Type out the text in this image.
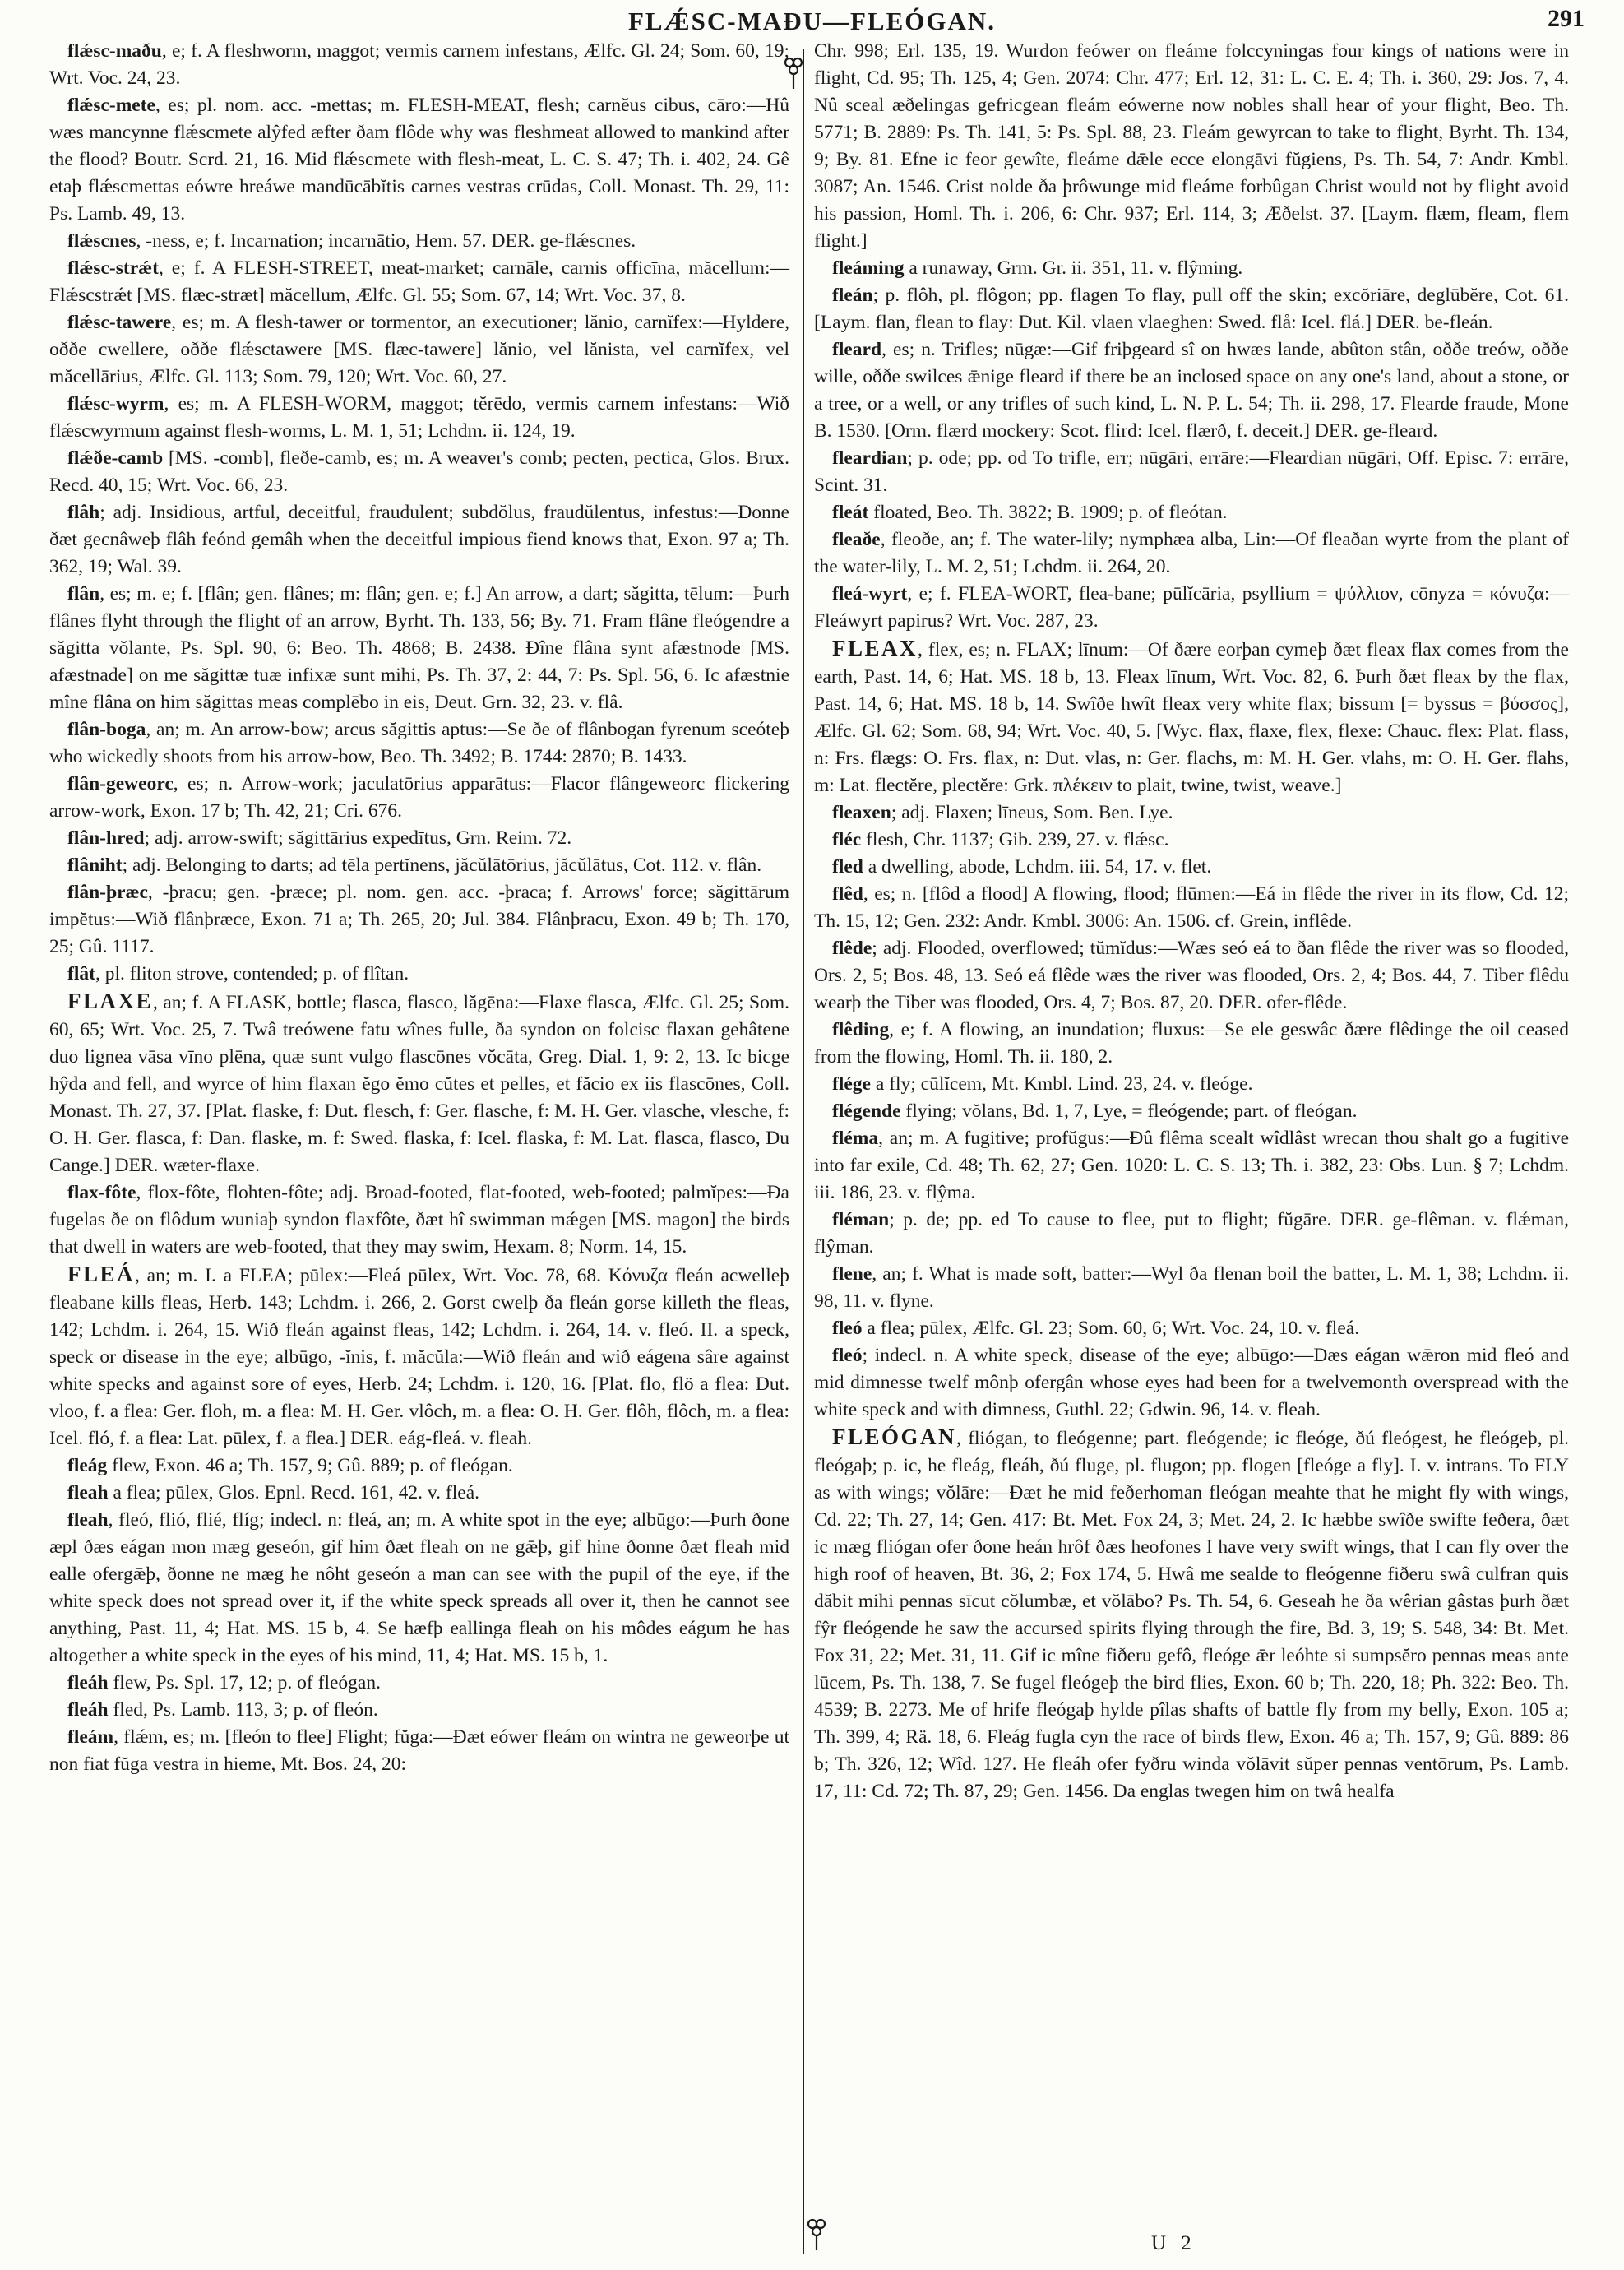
FLǼSC-MAÐU—FLEÓGAN.	291

flǽsc-maðu, e; f. A fleshworm, maggot; vermis carnem infestans, Ælfc. Gl. 24; Som. 60, 19; Wrt. Voc. 24, 23.

flǽsc-mete, es; pl. nom. acc. -mettas; m. FLESH-MEAT, flesh; carnĕus cibus, cāro:—Hû wæs mancynne flǽscmete alŷfed æfter ðam flôde why was fleshmeat allowed to mankind after the flood? Boutr. Scrd. 21, 16. Mid flǽscmete with flesh-meat, L. C. S. 47; Th. i. 402, 24. Gê etaþ flǽscmettas eówre hreáwe mandūcābĭtis carnes vestras crūdas, Coll. Monast. Th. 29, 11: Ps. Lamb. 49, 13.

flǽscnes, -ness, e; f. Incarnation; incarnātio, Hem. 57. DER. ge-flǽscnes.

flǽsc-strǽt, e; f. A FLESH-STREET, meat-market; carnāle, carnis officīna, măcellum:—Flǽscstrǽt [MS. flæc-stræt] măcellum, Ælfc. Gl. 55; Som. 67, 14; Wrt. Voc. 37, 8.

flǽsc-tawere, es; m. A flesh-tawer or tormentor, an executioner; lănio, carnĭfex:—Hyldere, oððe cwellere, oððe flǽsctawere [MS. flæc-tawere] lănio, vel lănista, vel carnĭfex, vel măcellārius, Ælfc. Gl. 113; Som. 79, 120; Wrt. Voc. 60, 27.

flǽsc-wyrm, es; m. A FLESH-WORM, maggot; tĕrēdo, vermis carnem infestans:—Wið flǽscwyrmum against flesh-worms, L. M. 1, 51; Lchdm. ii. 124, 19.

flǽðe-camb [MS. -comb], fleðe-camb, es; m. A weaver's comb; pecten, pectica, Glos. Brux. Recd. 40, 15; Wrt. Voc. 66, 23.

flâh; adj. Insidious, artful, deceitful, fraudulent; subdŏlus, fraudŭlentus, infestus:—Ðonne ðæt gecnâweþ flâh feónd gemâh when the deceitful impious fiend knows that, Exon. 97 a; Th. 362, 19; Wal. 39.

flân, es; m. e; f. [flân; gen. flânes; m: flân; gen. e; f.] An arrow, a dart; săgitta, tēlum:—Þurh flânes flyht through the flight of an arrow, Byrht. Th. 133, 56; By. 71. Fram flâne fleógendre a săgitta vŏlante, Ps. Spl. 90, 6: Beo. Th. 4868; B. 2438. Ðîne flâna synt afæstnode [MS. afæstnade] on me săgittæ tuæ infixæ sunt mihi, Ps. Th. 37, 2: 44, 7: Ps. Spl. 56, 6. Ic afæstnie mîne flâna on him săgittas meas complēbo in eis, Deut. Grn. 32, 23. v. flâ.

flân-boga, an; m. An arrow-bow; arcus săgittis aptus:—Se ðe of flânbogan fyrenum sceóteþ who wickedly shoots from his arrow-bow, Beo. Th. 3492; B. 1744: 2870; B. 1433.

flân-geweorc, es; n. Arrow-work; jaculatōrius apparātus:—Flacor flângeweorc flickering arrow-work, Exon. 17 b; Th. 42, 21; Cri. 676.

flân-hred; adj. arrow-swift; săgittārius expedītus, Grn. Reim. 72.

flâniht; adj. Belonging to darts; ad tēla pertĭnens, jăcŭlātōrius, jăcŭlātus, Cot. 112. v. flân.

flân-þræc, -þracu; gen. -þræce; pl. nom. gen. acc. -þraca; f. Arrows' force; săgittārum impĕtus:—Wið flânþræce, Exon. 71 a; Th. 265, 20; Jul. 384. Flânþracu, Exon. 49 b; Th. 170, 25; Gû. 1117.

flât, pl. fliton strove, contended; p. of flîtan.

FLAXE, an; f. A FLASK, bottle; flasca, flasco, lăgēna:—Flaxe flasca, Ælfc. Gl. 25; Som. 60, 65; Wrt. Voc. 25, 7. Twâ treówene fatu wînes fulle, ða syndon on folcisc flaxan gehâtene duo lignea vāsa vīno plēna, quæ sunt vulgo flascōnes vŏcāta, Greg. Dial. 1, 9: 2, 13. Ic bicge hŷda and fell, and wyrce of him flaxan ĕgo ĕmo cŭtes et pelles, et făcio ex iis flascōnes, Coll. Monast. Th. 27, 37. [Plat. flaske, f: Dut. flesch, f: Ger. flasche, f: M. H. Ger. vlasche, vlesche, f: O. H. Ger. flasca, f: Dan. flaske, m. f: Swed. flaska, f: Icel. flaska, f: M. Lat. flasca, flasco, Du Cange.] DER. wæter-flaxe.

flax-fôte, flox-fôte, flohten-fôte; adj. Broad-footed, flat-footed, web-footed; palmĭpes:—Ða fugelas ðe on flôdum wuniaþ syndon flaxfôte, ðæt hî swimman mǽgen [MS. magon] the birds that dwell in waters are web-footed, that they may swim, Hexam. 8; Norm. 14, 15.

FLEÁ, an; m. I. a FLEA; pūlex:—Fleá pūlex, Wrt. Voc. 78, 68. Κόνυζα fleán acwelleþ fleabane kills fleas, Herb. 143; Lchdm. i. 266, 2. Gorst cwelþ ða fleán gorse killeth the fleas, 142; Lchdm. i. 264, 15. Wið fleán against fleas, 142; Lchdm. i. 264, 14. v. fleó. II. a speck, speck or disease in the eye; albūgo, -ĭnis, f. măcŭla:—Wið fleán and wið eágena sâre against white specks and against sore of eyes, Herb. 24; Lchdm. i. 120, 16. [Plat. flo, flö a flea: Dut. vloo, f. a flea: Ger. floh, m. a flea: M. H. Ger. vlôch, m. a flea: O. H. Ger. flôh, flôch, m. a flea: Icel. fló, f. a flea: Lat. pūlex, f. a flea.] DER. eág-fleá. v. fleah.

fleág flew, Exon. 46 a; Th. 157, 9; Gû. 889; p. of fleógan.

fleah a flea; pūlex, Glos. Epnl. Recd. 161, 42. v. fleá.

fleah, fleó, flió, flié, flíg; indecl. n: fleá, an; m. A white spot in the eye; albūgo:—Þurh ðone æpl ðæs eágan mon mæg geseón, gif him ðæt fleah on ne gǣþ, gif hine ðonne ðæt fleah mid ealle ofergǣþ, ðonne ne mæg he nôht geseón a man can see with the pupil of the eye, if the white speck does not spread over it, if the white speck spreads all over it, then he cannot see anything, Past. 11, 4; Hat. MS. 15 b, 4. Se hæfþ eallinga fleah on his môdes eágum he has altogether a white speck in the eyes of his mind, 11, 4; Hat. MS. 15 b, 1.

fleáh flew, Ps. Spl. 17, 12; p. of fleógan.

fleáh fled, Ps. Lamb. 113, 3; p. of fleón.

fleám, flǽm, es; m. [fleón to flee] Flight; fŭga:—Ðæt eówer fleám on wintra ne geweorþe ut non fiat fŭga vestra in hieme, Mt. Bos. 24, 20:

Chr. 998; Erl. 135, 19. Wurdon feówer on fleáme folccyningas four kings of nations were in flight, Cd. 95; Th. 125, 4; Gen. 2074: Chr. 477; Erl. 12, 31: L. C. E. 4; Th. i. 360, 29: Jos. 7, 4. Nû sceal æðelingas gefricgean fleám eówerne now nobles shall hear of your flight, Beo. Th. 5771; B. 2889: Ps. Th. 141, 5: Ps. Spl. 88, 23. Fleám gewyrcan to take to flight, Byrht. Th. 134, 9; By. 81. Efne ic feor gewîte, fleáme dǣle ecce elongāvi fŭgiens, Ps. Th. 54, 7: Andr. Kmbl. 3087; An. 1546. Crist nolde ða þrôwunge mid fleáme forbûgan Christ would not by flight avoid his passion, Homl. Th. i. 206, 6: Chr. 937; Erl. 114, 3; Æðelst. 37. [Laym. flæm, fleam, flem flight.]

fleáming a runaway, Grm. Gr. ii. 351, 11. v. flŷming.

fleán; p. flôh, pl. flôgon; pp. flagen To flay, pull off the skin; excŏriāre, deglūbĕre, Cot. 61. [Laym. flan, flean to flay: Dut. Kil. vlaen vlaeghen: Swed. flå: Icel. flá.] DER. be-fleán.

fleard, es; n. Trifles; nūgæ:—Gif friþgeard sî on hwæs lande, abûton stân, oððe treów, oððe wille, oððe swilces ǣnige fleard if there be an inclosed space on any one's land, about a stone, or a tree, or a well, or any trifles of such kind, L. N. P. L. 54; Th. ii. 298, 17. Flearde fraude, Mone B. 1530. [Orm. flærd mockery: Scot. flird: Icel. flærð, f. deceit.] DER. ge-fleard.

fleardian; p. ode; pp. od To trifle, err; nūgāri, errāre:—Fleardian nūgāri, Off. Episc. 7: errāre, Scint. 31.

fleát floated, Beo. Th. 3822; B. 1909; p. of fleótan.

fleaðe, fleoðe, an; f. The water-lily; nymphæa alba, Lin:—Of fleaðan wyrte from the plant of the water-lily, L. M. 2, 51; Lchdm. ii. 264, 20.

fleá-wyrt, e; f. FLEA-WORT, flea-bane; pūlĭcāria, psyllium = ψύλλιον, cōnyza = κόνυζα:—Fleáwyrt papirus? Wrt. Voc. 287, 23.

FLEAX, flex, es; n. FLAX; līnum:—Of ðære eorþan cymeþ ðæt fleax flax comes from the earth, Past. 14, 6; Hat. MS. 18 b, 13. Fleax līnum, Wrt. Voc. 82, 6. Þurh ðæt fleax by the flax, Past. 14, 6; Hat. MS. 18 b, 14. Swîðe hwît fleax very white flax; bissum [= byssus = βύσσος], Ælfc. Gl. 62; Som. 68, 94; Wrt. Voc. 40, 5. [Wyc. flax, flaxe, flex, flexe: Chauc. flex: Plat. flass, n: Frs. flægs: O. Frs. flax, n: Dut. vlas, n: Ger. flachs, m: M. H. Ger. vlahs, m: O. H. Ger. flahs, m: Lat. flectĕre, plectĕre: Grk. πλέκειν to plait, twine, twist, weave.]

fleaxen; adj. Flaxen; līneus, Som. Ben. Lye.

fléc flesh, Chr. 1137; Gib. 239, 27. v. flǽsc.

fled a dwelling, abode, Lchdm. iii. 54, 17. v. flet.

flêd, es; n. [flôd a flood] A flowing, flood; flūmen:—Eá in flêde the river in its flow, Cd. 12; Th. 15, 12; Gen. 232: Andr. Kmbl. 3006: An. 1506. cf. Grein, inflêde.

flêde; adj. Flooded, overflowed; tŭmĭdus:—Wæs seó eá to ðan flêde the river was so flooded, Ors. 2, 5; Bos. 48, 13. Seó eá flêde wæs the river was flooded, Ors. 2, 4; Bos. 44, 7. Tiber flêdu wearþ the Tiber was flooded, Ors. 4, 7; Bos. 87, 20. DER. ofer-flêde.

flêding, e; f. A flowing, an inundation; fluxus:—Se ele geswâc ðære flêdinge the oil ceased from the flowing, Homl. Th. ii. 180, 2.

flége a fly; cūlĭcem, Mt. Kmbl. Lind. 23, 24. v. fleóge.

flégende flying; vŏlans, Bd. 1, 7, Lye, = fleógende; part. of fleógan.

fléma, an; m. A fugitive; profŭgus:—Ðû flêma scealt wîdlâst wrecan thou shalt go a fugitive into far exile, Cd. 48; Th. 62, 27; Gen. 1020: L. C. S. 13; Th. i. 382, 23: Obs. Lun. § 7; Lchdm. iii. 186, 23. v. flŷma.

fléman; p. de; pp. ed To cause to flee, put to flight; fŭgāre. DER. ge-flêman. v. flǽman, flŷman.

flene, an; f. What is made soft, batter:—Wyl ða flenan boil the batter, L. M. 1, 38; Lchdm. ii. 98, 11. v. flyne.

fleó a flea; pūlex, Ælfc. Gl. 23; Som. 60, 6; Wrt. Voc. 24, 10. v. fleá.

fleó; indecl. n. A white speck, disease of the eye; albūgo:—Ðæs eágan wǣron mid fleó and mid dimnesse twelf mônþ ofergân whose eyes had been for a twelvemonth overspread with the white speck and with dimness, Guthl. 22; Gdwin. 96, 14. v. fleah.

FLEÓGAN, fliógan, to fleógenne; part. fleógende; ic fleóge, ðú fleógest, he fleógeþ, pl. fleógaþ; p. ic, he fleág, fleáh, ðú fluge, pl. flugon; pp. flogen [fleóge a fly]. I. v. intrans. To FLY as with wings; vŏlāre:—Ðæt he mid feðerhoman fleógan meahte that he might fly with wings, Cd. 22; Th. 27, 14; Gen. 417: Bt. Met. Fox 24, 3; Met. 24, 2. Ic hæbbe swîðe swifte feðera, ðæt ic mæg fliógan ofer ðone heán hrôf ðæs heofones I have very swift wings, that I can fly over the high roof of heaven, Bt. 36, 2; Fox 174, 5. Hwâ me sealde to fleógenne fiðeru swâ culfran quis dăbit mihi pennas sīcut cŏlumbæ, et vŏlābo? Ps. Th. 54, 6. Geseah he ða wêrian gâstas þurh ðæt fŷr fleógende he saw the accursed spirits flying through the fire, Bd. 3, 19; S. 548, 34: Bt. Met. Fox 31, 22; Met. 31, 11. Gif ic mîne fiðeru gefô, fleóge ǣr leóhte si sumpsĕro pennas meas ante lūcem, Ps. Th. 138, 7. Se fugel fleógeþ the bird flies, Exon. 60 b; Th. 220, 18; Ph. 322: Beo. Th. 4539; B. 2273. Me of hrife fleógaþ hylde pîlas shafts of battle fly from my belly, Exon. 105 a; Th. 399, 4; Rä. 18, 6. Fleág fugla cyn the race of birds flew, Exon. 46 a; Th. 157, 9; Gû. 889: 86 b; Th. 326, 12; Wîd. 127. He fleáh ofer fyðru winda vŏlāvit sŭper pennas ventōrum, Ps. Lamb. 17, 11: Cd. 72; Th. 87, 29; Gen. 1456. Ða englas twegen him on twâ healfa

U 2
